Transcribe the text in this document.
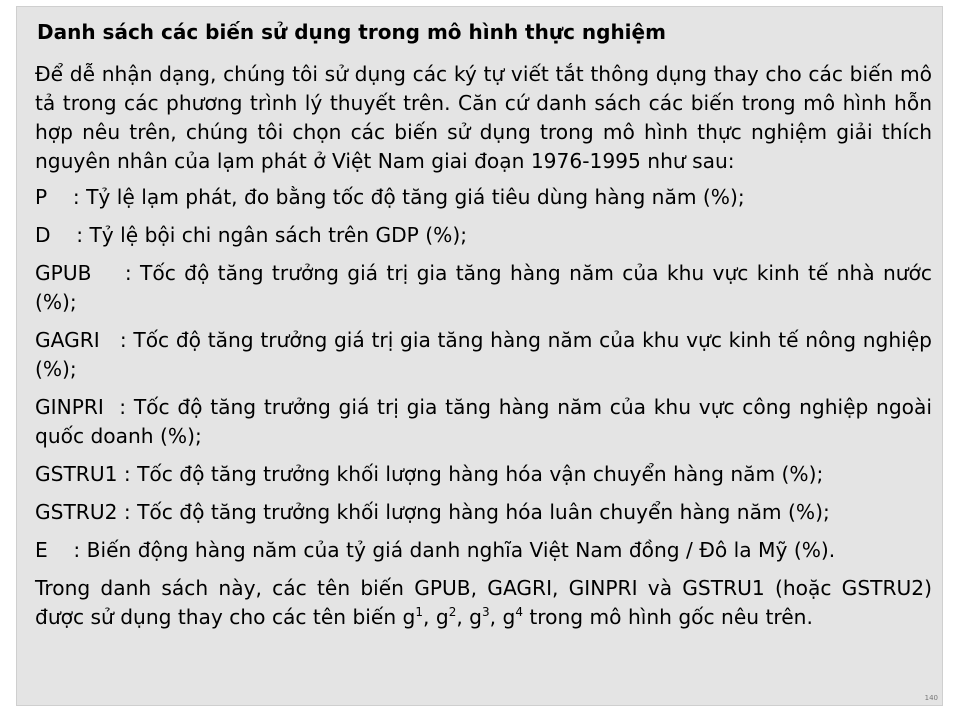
Danh sách các biến sử dụng trong mô hình thực nghiệm

Để dễ nhận dạng, chúng tôi sử dụng các ký tự viết tắt thông dụng thay cho các biến mô tả trong các phương trình lý thuyết trên. Căn cứ danh sách các biến trong mô hình hỗn hợp nêu trên, chúng tôi chọn các biến sử dụng trong mô hình thực nghiệm giải thích nguyên nhân của lạm phát ở Việt Nam giai đoạn 1976-1995 như sau:

P    : Tỷ lệ lạm phát, đo bằng tốc độ tăng giá tiêu dùng hàng năm (%);

D    : Tỷ lệ bội chi ngân sách trên GDP (%);

GPUB    : Tốc độ tăng trưởng giá trị gia tăng hàng năm của khu vực kinh tế nhà nước (%);

GAGRI   : Tốc độ tăng trưởng giá trị gia tăng hàng năm của khu vực kinh tế nông nghiệp (%);

GINPRI  : Tốc độ tăng trưởng giá trị gia tăng hàng năm của khu vực công nghiệp ngoài quốc doanh (%);

GSTRU1 : Tốc độ tăng trưởng khối lượng hàng hóa vận chuyển hàng năm (%);

GSTRU2 : Tốc độ tăng trưởng khối lượng hàng hóa luân chuyển hàng năm (%);

E    : Biến động hàng năm của tỷ giá danh nghĩa Việt Nam đồng / Đô la Mỹ (%).

Trong danh sách này, các tên biến GPUB, GAGRI, GINPRI và GSTRU1 (hoặc GSTRU2) được sử dụng thay cho các tên biến $g^1$, $g^2$, $g^3$, $g^4$ trong mô hình gốc nêu trên.

140
